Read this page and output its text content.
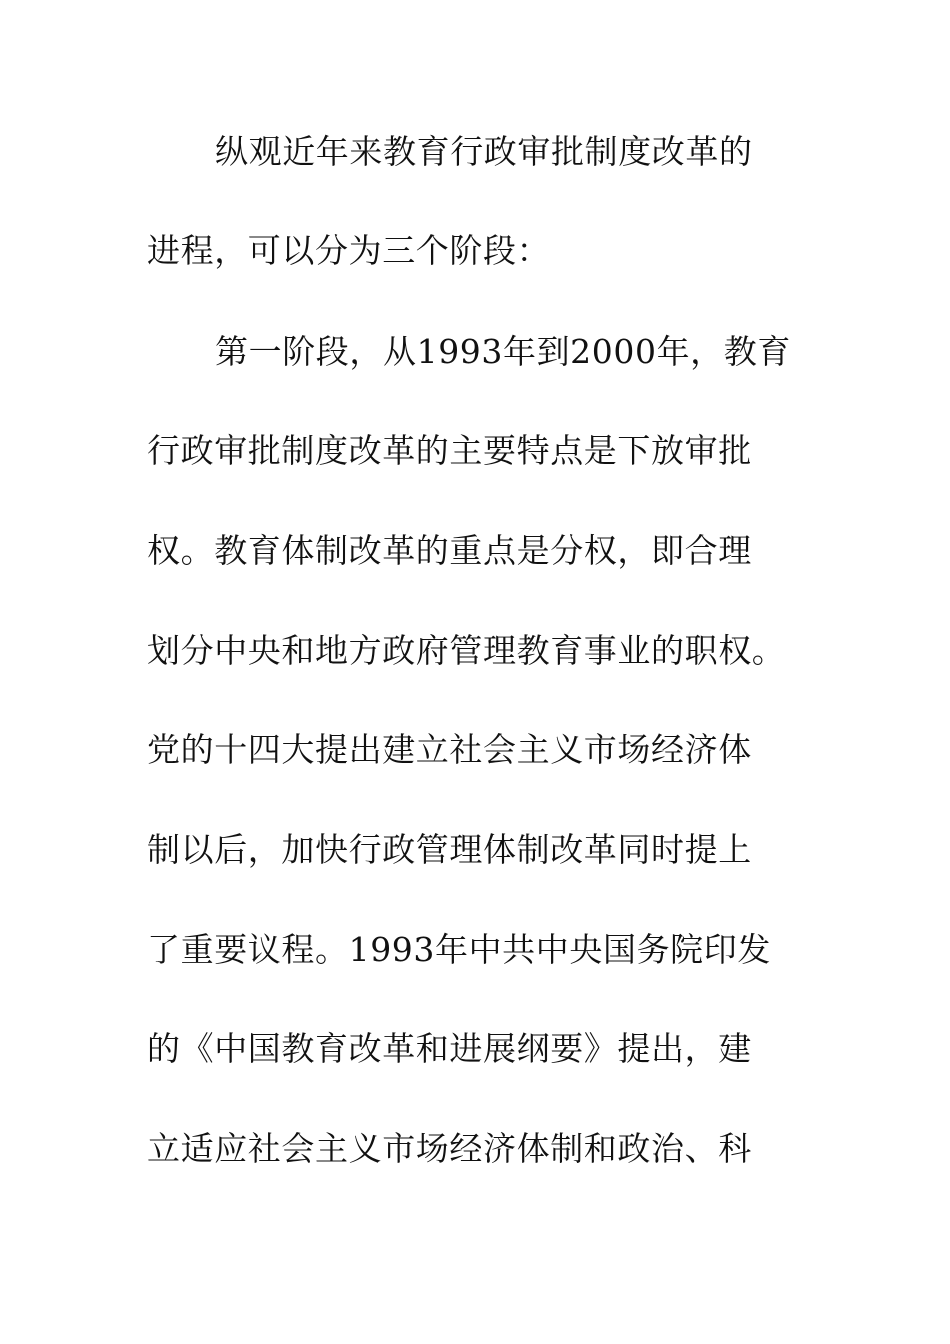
纵观近年来教育行政审批制度改革的
进程，可以分为三个阶段：
第一阶段，从1993年到2000年，教育
行政审批制度改革的主要特点是下放审批
权。教育体制改革的重点是分权，即合理
划分中央和地方政府管理教育事业的职权。
党的十四大提出建立社会主义市场经济体
制以后，加快行政管理体制改革同时提上
了重要议程。1993年中共中央国务院印发
的《中国教育改革和进展纲要》提出，建
立适应社会主义市场经济体制和政治、科
